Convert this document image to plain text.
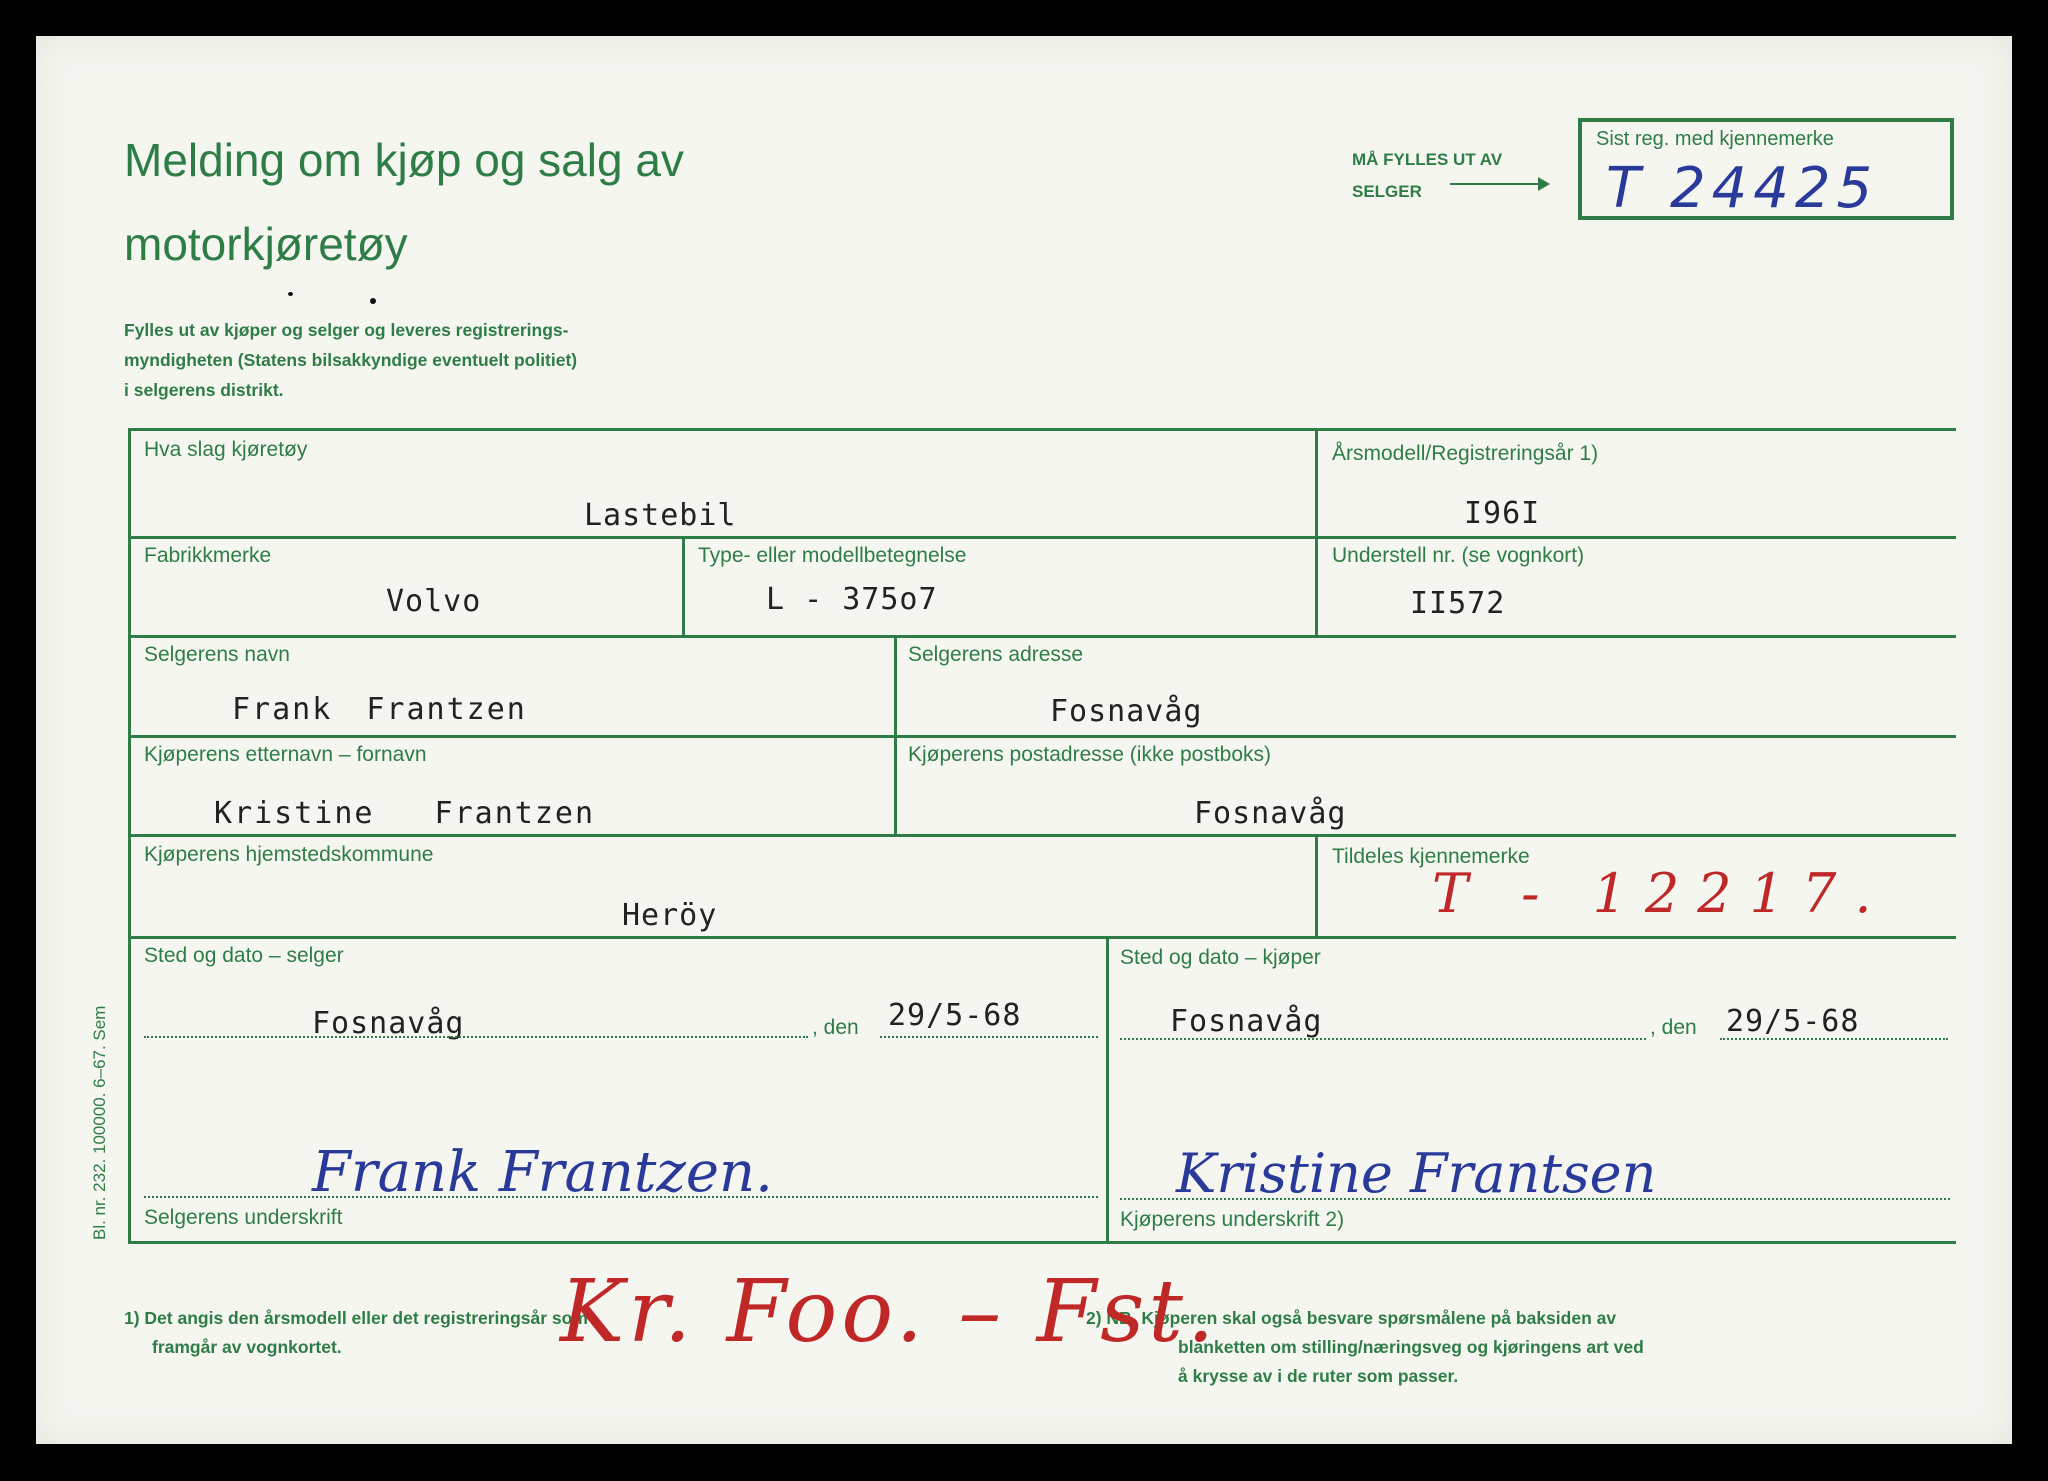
Melding om kjøp og salg av
motorkjøretøy
Fylles ut av kjøper og selger og leveres registrerings-
myndigheten (Statens bilsakkyndige eventuelt politiet)
i selgerens distrikt.
MÅ FYLLES UT AV
SELGER
Sist reg. med kjennemerke
T 24425
Hva slag kjøretøy
Lastebil
Årsmodell/Registreringsår 1)
I96I
Fabrikkmerke
Volvo
Type- eller modellbetegnelse
L - 375o7
Understell nr. (se vognkort)
II572
Selgerens navn
Frank Frantzen
Selgerens adresse
Fosnavåg
Kjøperens etternavn – fornavn
Kristine Frantzen
Kjøperens postadresse (ikke postboks)
Fosnavåg
Kjøperens hjemstedskommune
Heröy
Tildeles kjennemerke
T - 12217.
Sted og dato – selger
Fosnavåg	, den 29/5-68
Sted og dato – kjøper
Fosnavåg	, den 29/5-68
Frank Frantzen.
Selgerens underskrift
Kristine Frantsen
Kjøperens underskrift 2)
1) Det angis den årsmodell eller det registreringsår som
framgår av vognkortet.
2) NB. Kjøperen skal også besvare spørsmålene på baksiden av
blanketten om stilling/næringsveg og kjøringens art ved
å krysse av i de ruter som passer.
Kr. Foo. – Fst.
Bl. nr. 232. 100000. 6–67. Sem
